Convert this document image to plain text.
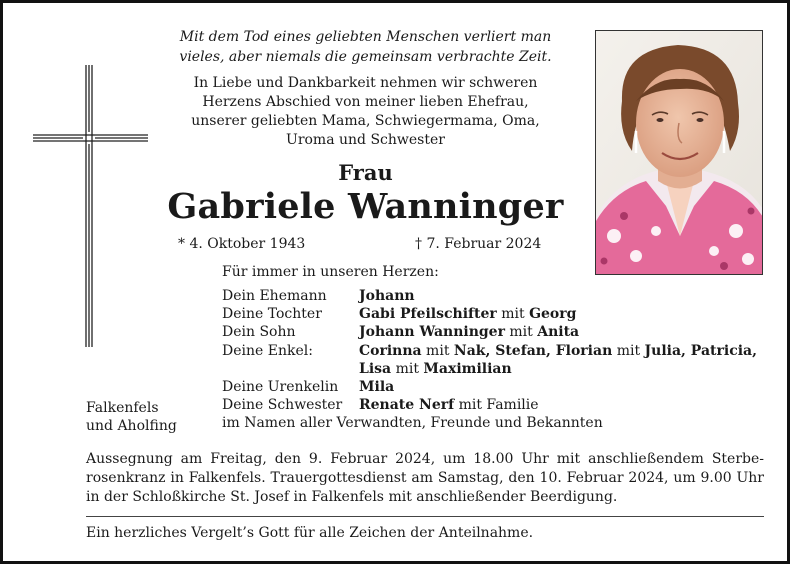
Mit dem Tod eines geliebten Menschen verliert man
vieles, aber niemals die gemeinsam verbrachte Zeit.
In Liebe und Dankbarkeit nehmen wir schweren
Herzens Abschied von meiner lieben Ehefrau,
unserer geliebten Mama, Schwiegermama, Oma,
Uroma und Schwester
Frau
Gabriele Wanninger
* 4. Oktober 1943	† 7. Februar 2024
Für immer in unseren Herzen:
Dein Ehemann	Johann
Deine Tochter	Gabi Pfeilschifter mit Georg
Dein Sohn	Johann Wanninger mit Anita
Deine Enkel:	Corinna mit Nak, Stefan, Florian mit Julia, Patricia,
Lisa mit Maximilian
Deine Urenkelin	Mila
Deine Schwester	Renate Nerf mit Familie
im Namen aller Verwandten, Freunde und Bekannten
Falkenfels
und Aholfing
Aussegnung am Freitag, den 9. Februar 2024, um 18.00 Uhr mit anschließendem Sterberosenkranz in Falkenfels. Trauergottesdienst am Samstag, den 10. Februar 2024, um 9.00 Uhr in der Schloßkirche St. Josef in Falkenfels mit anschließender Beerdigung.
Ein herzliches Vergelt’s Gott für alle Zeichen der Anteilnahme.
